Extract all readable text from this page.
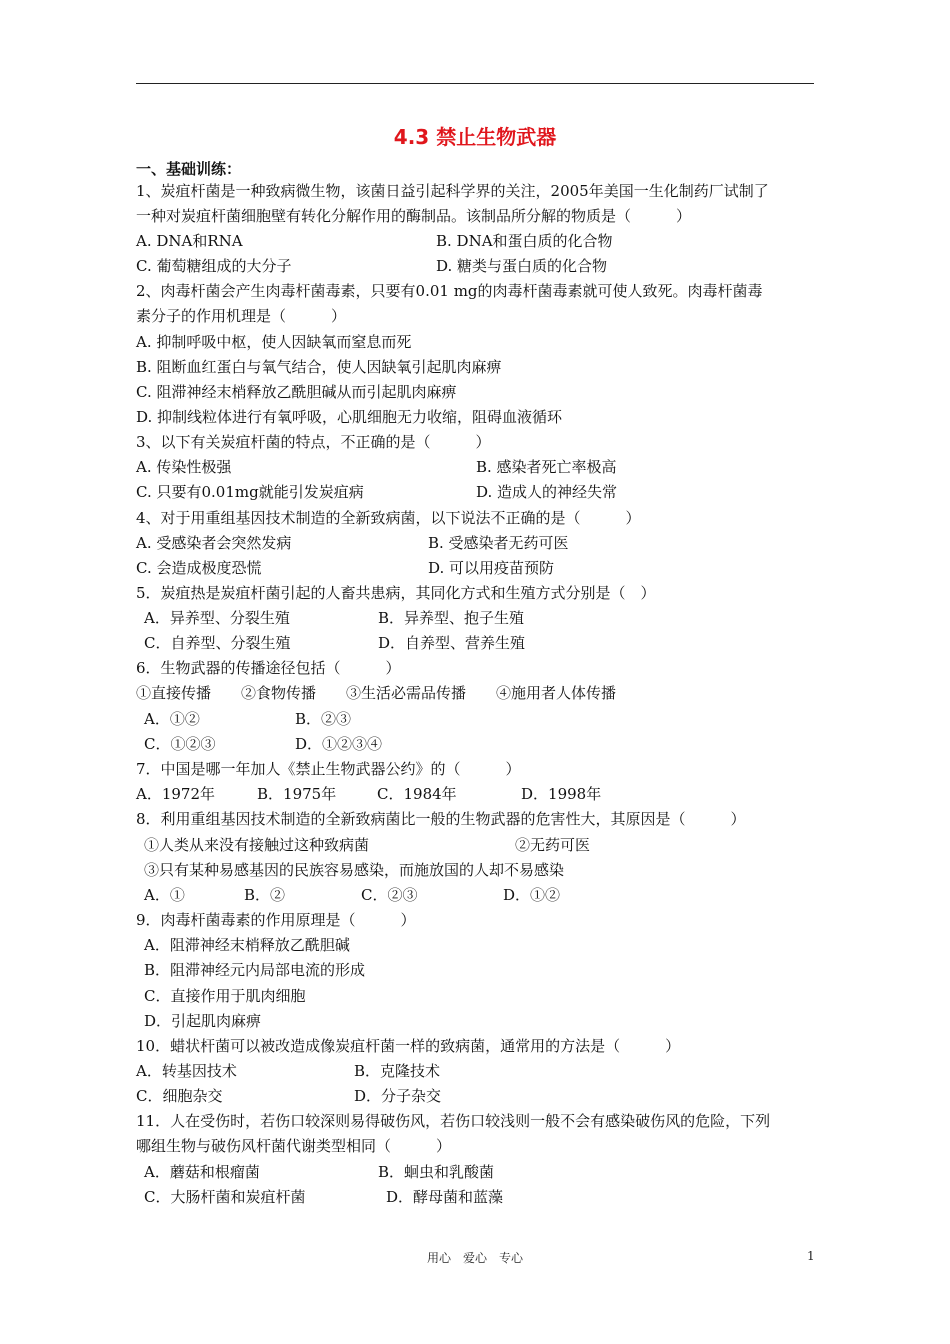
4.3 禁止生物武器
一、基础训练：
1、炭疽杆菌是一种致病微生物，该菌日益引起科学界的关注，2005年美国一生化制药厂试制了
一种对炭疽杆菌细胞壁有转化分解作用的酶制品。该制品所分解的物质是（　　　）
A. DNA和RNA	B. DNA和蛋白质的化合物
C. 葡萄糖组成的大分子	D. 糖类与蛋白质的化合物
2、肉毒杆菌会产生肉毒杆菌毒素，只要有0.01 mg的肉毒杆菌毒素就可使人致死。肉毒杆菌毒
素分子的作用机理是（　　　）
A. 抑制呼吸中枢，使人因缺氧而窒息而死
B. 阻断血红蛋白与氧气结合，使人因缺氧引起肌肉麻痹
C. 阻滞神经末梢释放乙酰胆碱从而引起肌肉麻痹
D. 抑制线粒体进行有氧呼吸，心肌细胞无力收缩，阻碍血液循环
3、以下有关炭疽杆菌的特点，不正确的是（　　　）
A. 传染性极强	B. 感染者死亡率极高
C. 只要有0.01mg就能引发炭疽病	D. 造成人的神经失常
4、对于用重组基因技术制造的全新致病菌，以下说法不正确的是（　　　）
A. 受感染者会突然发病	B. 受感染者无药可医
C. 会造成极度恐慌	D. 可以用疫苗预防
5．炭疽热是炭疽杆菌引起的人畜共患病，其同化方式和生殖方式分别是（　）
A．异养型、分裂生殖	B．异养型、抱子生殖
C．自养型、分裂生殖	D．自养型、营养生殖
6．生物武器的传播途径包括（　　　）
①直接传播　　②食物传播　　③生活必需品传播　　④施用者人体传播
A．①②	B．②③
C．①②③	D．①②③④
7．中国是哪一年加人《禁止生物武器公约》的（　　　）
A．1972年	B．1975年	C．1984年	D．1998年
8．利用重组基因技术制造的全新致病菌比一般的生物武器的危害性大，其原因是（　　　）
①人类从来没有接触过这种致病菌	②无药可医
③只有某种易感基因的民族容易感染，而施放国的人却不易感染
A．①	B．②	C．②③	D．①②
9．肉毒杆菌毒素的作用原理是（　　　）
A．阻滞神经末梢释放乙酰胆碱
B．阻滞神经元内局部电流的形成
C．直接作用于肌肉细胞
D．引起肌肉麻痹
10．蜡状杆菌可以被改造成像炭疽杆菌一样的致病菌，通常用的方法是（　　　）
A．转基因技术	B．克隆技术
C．细胞杂交	D．分子杂交
11．人在受伤时，若伤口较深则易得破伤风，若伤口较浅则一般不会有感染破伤风的危险，下列
哪组生物与破伤风杆菌代谢类型相同（　　　）
A．蘑菇和根瘤菌	B．蛔虫和乳酸菌
C．大肠杆菌和炭疽杆菌	D．酵母菌和蓝藻
用心　爱心　专心	1
